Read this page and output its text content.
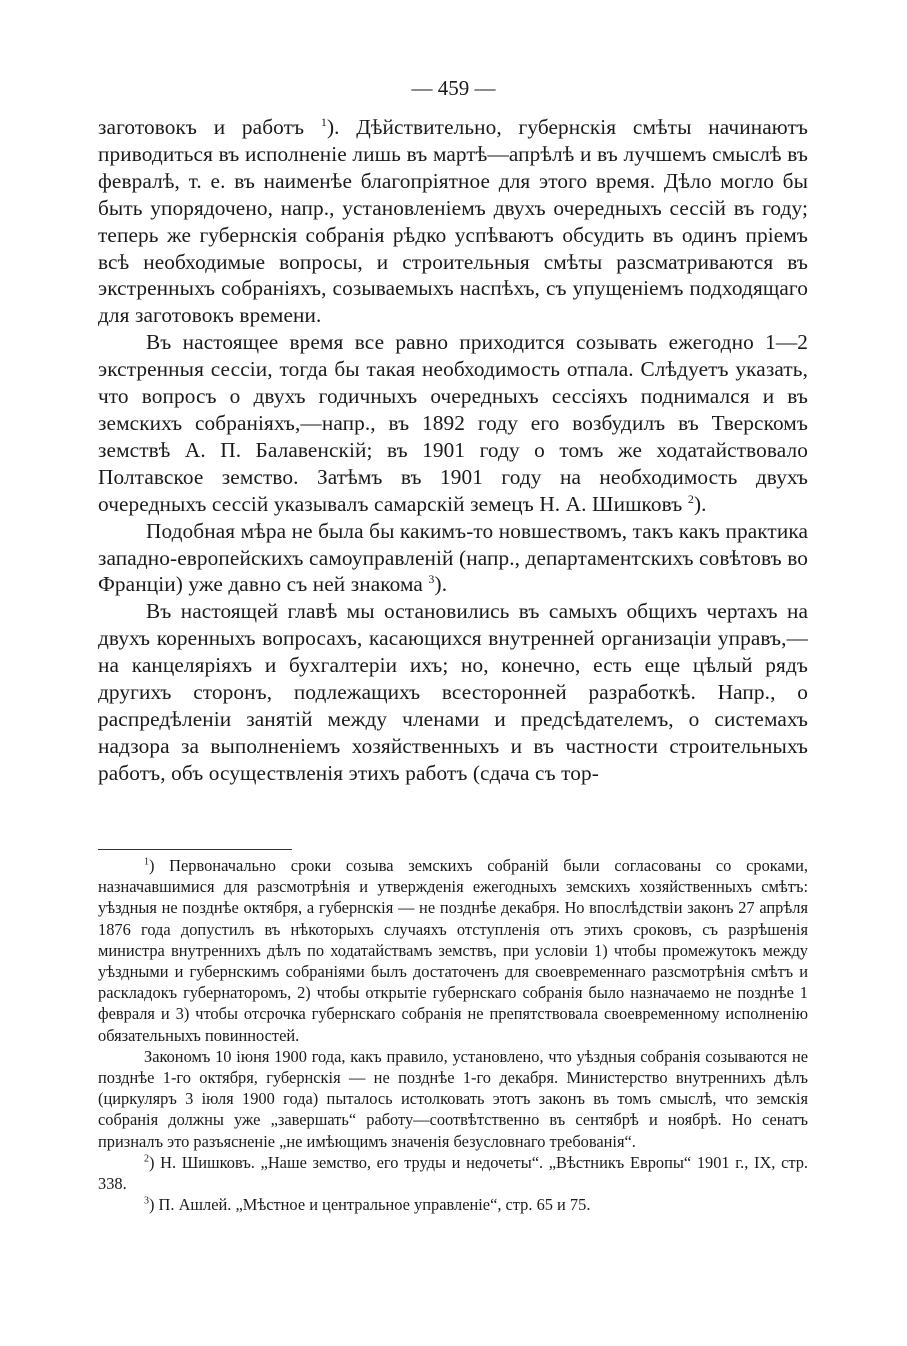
— 459 —

заготовокъ и работъ $^1$). Дѣйствительно, губернскія смѣты начинаютъ приводиться въ исполненіе лишь въ мартѣ—апрѣлѣ и въ лучшемъ смыслѣ въ февралѣ, т. е. въ наименѣе благопріятное для этого время. Дѣло могло бы быть упорядочено, напр., установленіемъ двухъ очередныхъ сессій въ году; теперь же губернскія собранія рѣдко успѣваютъ обсудить въ одинъ пріемъ всѣ необходимые вопросы, и строительныя смѣты разсматриваются въ экстренныхъ собраніяхъ, созываемыхъ наспѣхъ, съ упущеніемъ подходящаго для заготовокъ времени.

Въ настоящее время все равно приходится созывать ежегодно 1—2 экстренныя сессіи, тогда бы такая необходимость отпала. Слѣдуетъ указать, что вопросъ о двухъ годичныхъ очередныхъ сессіяхъ поднимался и въ земскихъ собраніяхъ,—напр., въ 1892 году его возбудилъ въ Тверскомъ земствѣ А. П. Балавенскій; въ 1901 году о томъ же ходатайствовало Полтавское земство. Затѣмъ въ 1901 году на необходимость двухъ очередныхъ сессій указывалъ самарскій земецъ Н. А. Шишковъ $^2$).

Подобная мѣра не была бы какимъ-то новшествомъ, такъ какъ практика западно-европейскихъ самоуправленій (напр., департаментскихъ совѣтовъ во Франціи) уже давно съ ней знакома $^3$).

Въ настоящей главѣ мы остановились въ самыхъ общихъ чертахъ на двухъ коренныхъ вопросахъ, касающихся внутренней организаціи управъ,—на канцеляріяхъ и бухгалтеріи ихъ; но, конечно, есть еще цѣлый рядъ другихъ сторонъ, подлежащихъ всесторонней разработкѣ. Напр., о распредѣленіи занятій между членами и предсѣдателемъ, о системахъ надзора за выполненіемъ хозяйственныхъ и въ частности строительныхъ работъ, объ осуществленія этихъ работъ (сдача съ тор-

$^1$) Первоначально сроки созыва земскихъ собраній были согласованы со сроками, назначавшимися для разсмотрѣнія и утвержденія ежегодныхъ земскихъ хозяйственныхъ смѣтъ: уѣздныя не позднѣе октября, а губернскія — не позднѣе декабря. Но впослѣдствіи законъ 27 апрѣля 1876 года допустилъ въ нѣкоторыхъ случаяхъ отступленія отъ этихъ сроковъ, съ разрѣшенія министра внутреннихъ дѣлъ по ходатайствамъ земствъ, при условіи 1) чтобы промежутокъ между уѣздными и губернскимъ собраніями былъ достаточенъ для своевременнаго разсмотрѣнія смѣтъ и раскладокъ губернаторомъ, 2) чтобы открытіе губернскаго собранія было назначаемо не позднѣе 1 февраля и 3) чтобы отсрочка губернскаго собранія не препятствовала своевременному исполненію обязательныхъ повинностей.

Закономъ 10 іюня 1900 года, какъ правило, установлено, что уѣздныя собранія созываются не позднѣе 1-го октября, губернскія — не позднѣе 1-го декабря. Министерство внутреннихъ дѣлъ (циркуляръ 3 іюля 1900 года) пыталось истолковать этотъ законъ въ томъ смыслѣ, что земскія собранія должны уже „завершать“ работу—соотвѣтственно въ сентябрѣ и ноябрѣ. Но сенатъ призналъ это разъясненіе „не имѣющимъ значенія безусловнаго требованія“.

$^2$) Н. Шишковъ. „Наше земство, его труды и недочеты“. „Вѣстникъ Европы“ 1901 г., IX, стр. 338.

$^3$) П. Ашлей. „Мѣстное и центральное управленіе“, стр. 65 и 75.
